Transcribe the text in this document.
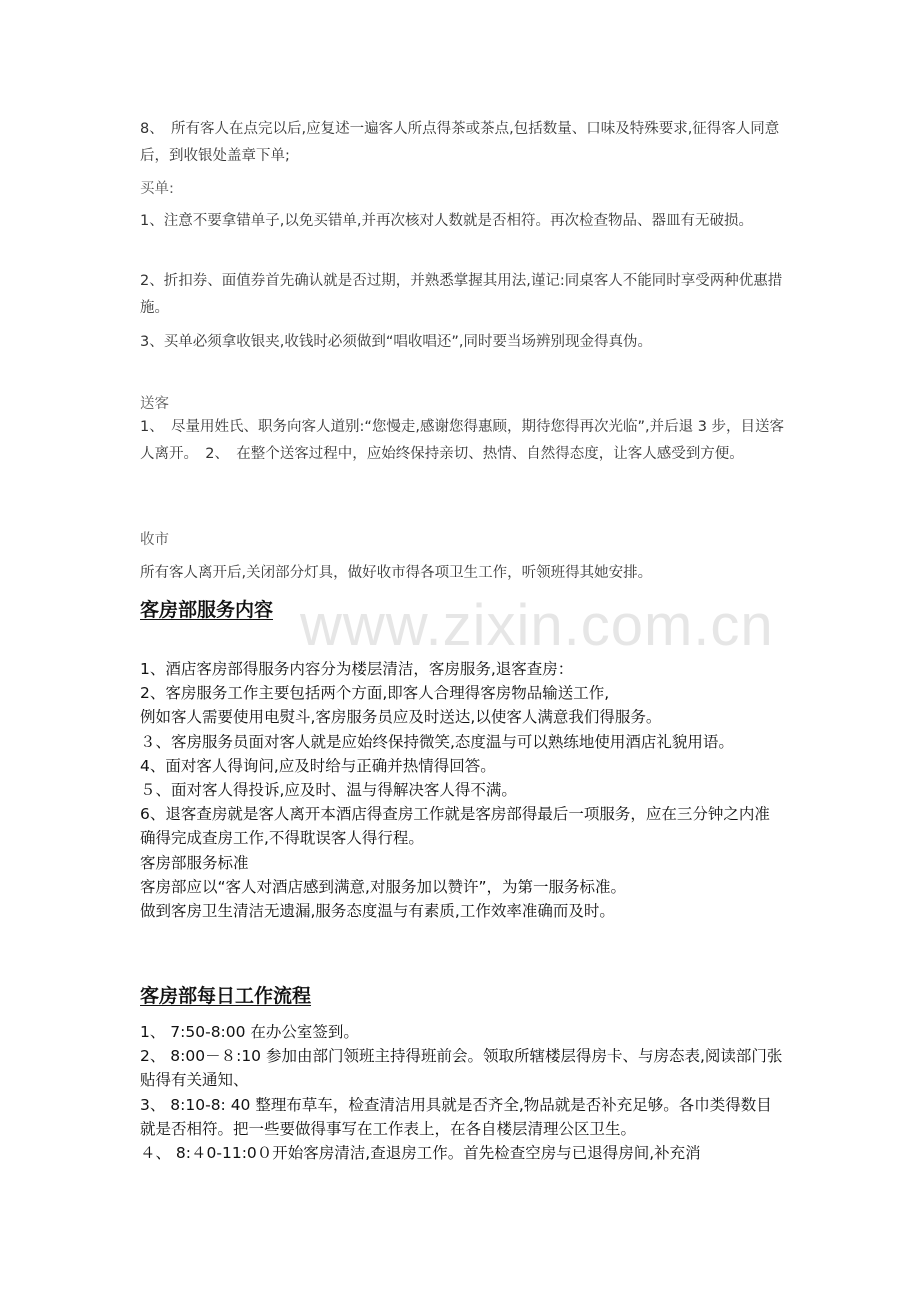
www.zixin.com.cn

8、　所有客人在点完以后,应复述一遍客人所点得茶或茶点,包括数量、口味及特殊要求,征得客人同意后，到收银处盖章下单;

买单:

1、注意不要拿错单子,以免买错单,并再次核对人数就是否相符。再次检查物品、器皿有无破损。

2、折扣券、面值券首先确认就是否过期，并熟悉掌握其用法,谨记:同桌客人不能同时享受两种优惠措施。

3、买单必须拿收银夹,收钱时必须做到“唱收唱还”,同时要当场辨别现金得真伪。

送客

1、　尽量用姓氏、职务向客人道别:“您慢走,感谢您得惠顾，期待您得再次光临”,并后退 3 步，目送客人离开。　2、　在整个送客过程中，应始终保持亲切、热情、自然得态度，让客人感受到方便。

收市

所有客人离开后,关闭部分灯具，做好收市得各项卫生工作，听领班得其她安排。

客房部服务内容
1、酒店客房部得服务内容分为楼层清洁，客房服务,退客查房：
2、客房服务工作主要包括两个方面,即客人合理得客房物品输送工作,
例如客人需要使用电熨斗,客房服务员应及时送达,以使客人满意我们得服务。
３、客房服务员面对客人就是应始终保持微笑,态度温与可以熟练地使用酒店礼貌用语。
4、面对客人得询问,应及时给与正确并热情得回答。
５、面对客人得投诉,应及时、温与得解决客人得不满。
6、退客查房就是客人离开本酒店得查房工作就是客房部得最后一项服务，应在三分钟之内准确得完成查房工作,不得耽误客人得行程。
客房部服务标准
客房部应以“客人对酒店感到满意,对服务加以赞许”，为第一服务标准。
做到客房卫生清洁无遗漏,服务态度温与有素质,工作效率准确而及时。
客房部每日工作流程
1、 7:50-8:00 在办公室签到。
2、 8:00－８:10 参加由部门领班主持得班前会。领取所辖楼层得房卡、与房态表,阅读部门张贴得有关通知、
3、 8:10-8: 40 整理布草车，检查清洁用具就是否齐全,物品就是否补充足够。各巾类得数目就是否相符。把一些要做得事写在工作表上，在各自楼层清理公区卫生。
４、 8:４0-11:0０开始客房清洁,查退房工作。首先检查空房与已退得房间,补充消
